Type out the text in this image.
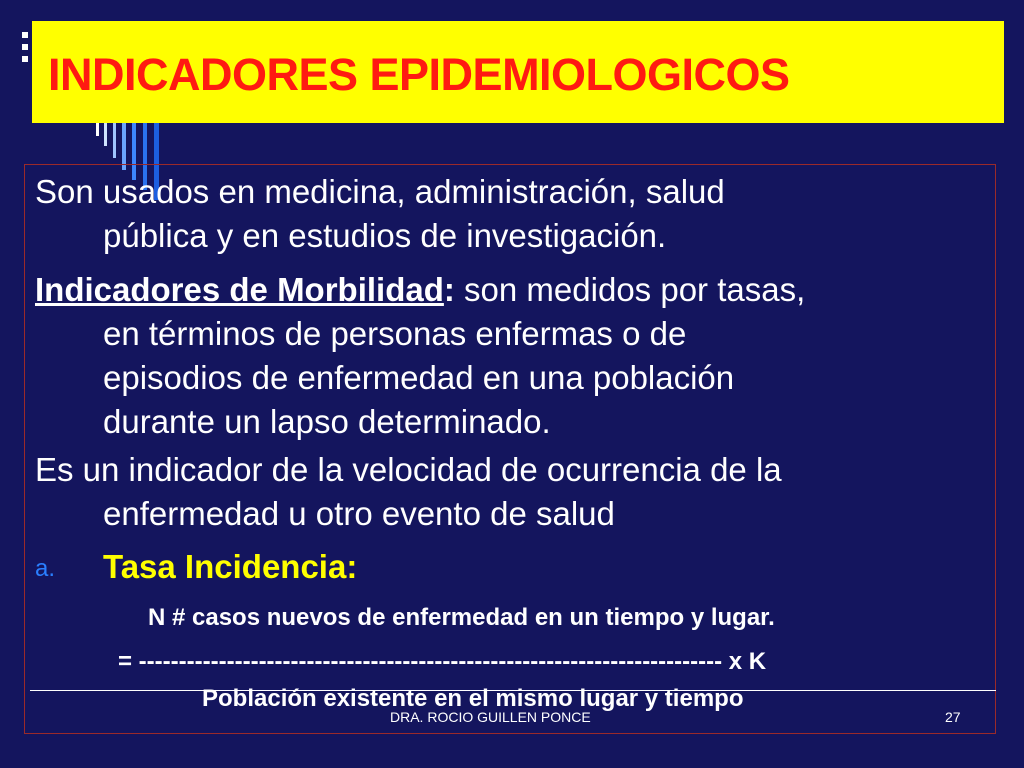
INDICADORES EPIDEMIOLOGICOS
Son usados en medicina, administración, salud
pública y en estudios de investigación.
Indicadores de Morbilidad: son medidos por tasas,
en términos de personas enfermas o de
episodios de enfermedad en una población
durante un lapso determinado.
Es un indicador de la velocidad de ocurrencia de la
enfermedad u otro evento de salud
a. Tasa Incidencia:
N # casos nuevos de enfermedad en un tiempo y lugar.
= ------------------------------------------------------------------------- x K
Población existente en el mismo lugar y tiempo
DRA. ROCIO GUILLEN PONCE	27
